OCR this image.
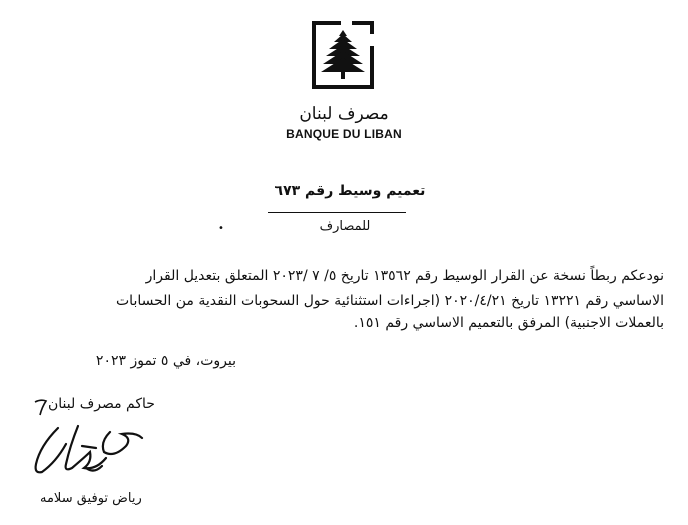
مصرف لبنان
BANQUE DU LIBAN
تعميم وسيط رقم ٦٧٣
للمصارف
•
نودعكم ربطاً نسخة عن القرار الوسيط رقم ١٣٥٦٢ تاريخ ٥/ ٧ /٢٠٢٣ المتعلق بتعديل القرار
الاساسي رقم ١٣٢٢١ تاريخ ٢٠٢٠/٤/٢١ (اجراءات استثنائية حول السحوبات النقدية من الحسابات
بالعملات الاجنبية) المرفق بالتعميم الاساسي رقم ١٥١.
بيروت، في ٥ تموز ٢٠٢٣
حاكم مصرف لبنان
رياض توفيق سلامه
